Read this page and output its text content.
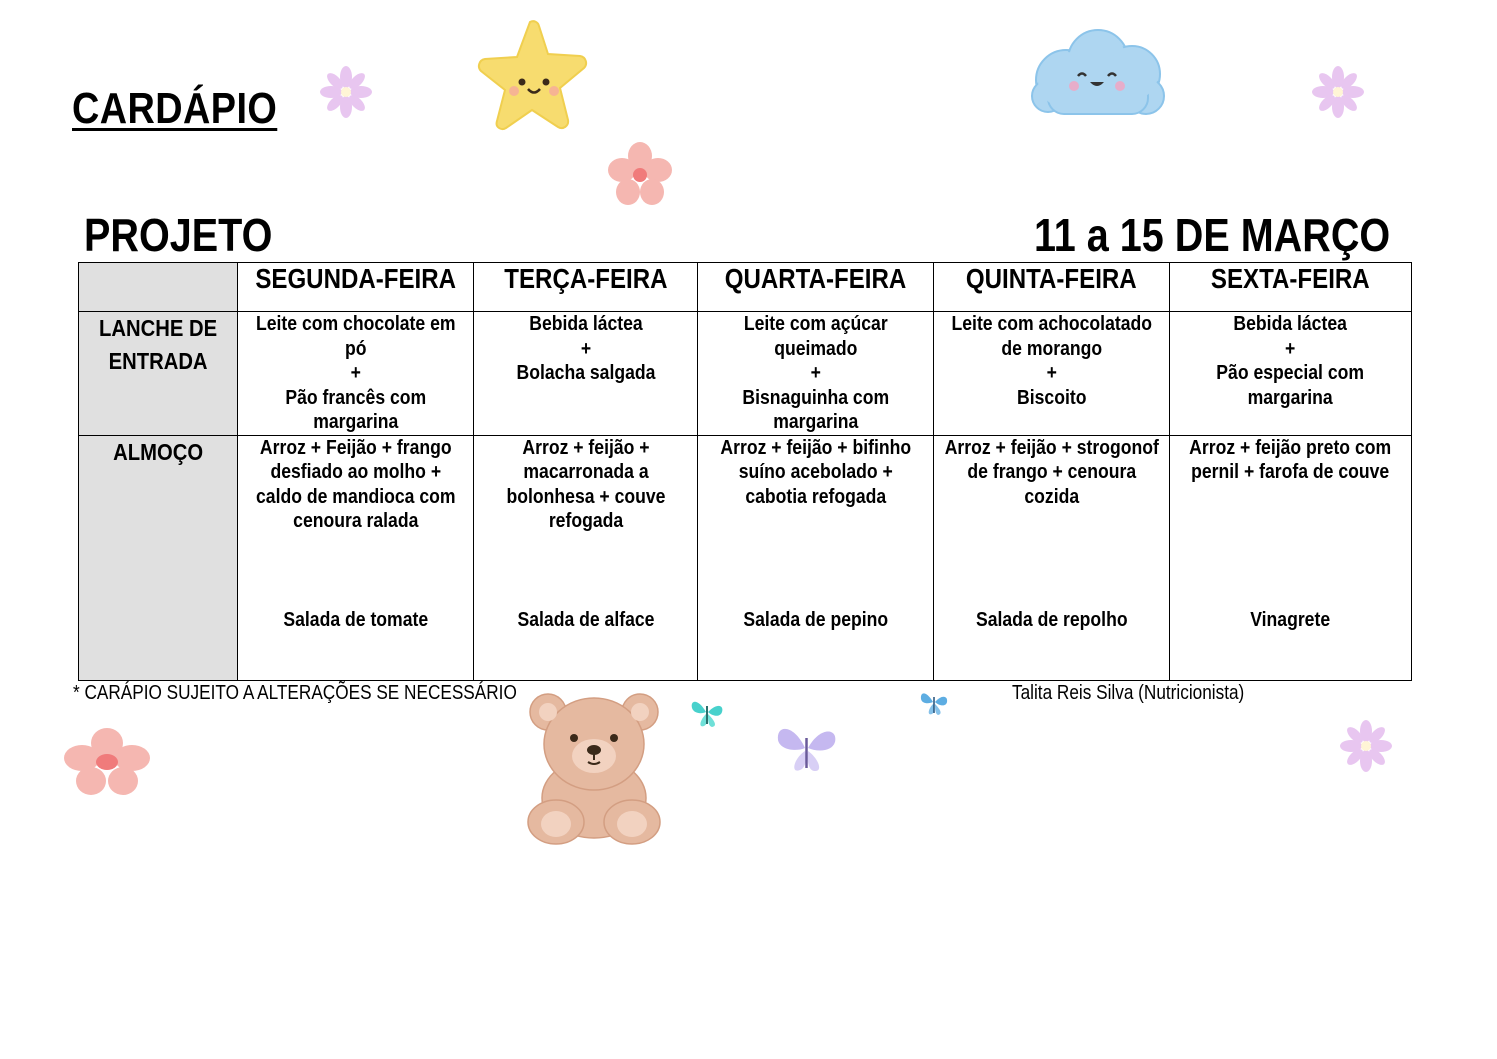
CARDÁPIO
PROJETO	11 a 15 DE MARÇO
	SEGUNDA-FEIRA	TERÇA-FEIRA	QUARTA-FEIRA	QUINTA-FEIRA	SEXTA-FEIRA

LANCHE DE
ENTRADA	Leite com chocolate em
pó
+
Pão francês com
margarina	Bebida láctea
+
Bolacha salgada	Leite com açúcar
queimado
+
Bisnaguinha com
margarina	Leite com achocolatado
de morango
+
Biscoito	Bebida láctea
+
Pão especial com
margarina

ALMOÇO	Arroz + Feijão + frango
desfiado ao molho +
caldo de mandioca com
cenoura ralada
Salada de tomate	Arroz + feijão +
macarronada a
bolonhesa + couve
refogada
Salada de alface	Arroz + feijão + bifinho
suíno acebolado +
cabotia refogada
Salada de pepino	Arroz + feijão + strogonof
de frango + cenoura
cozida
Salada de repolho	Arroz + feijão preto com
pernil + farofa de couve
Vinagrete
* CARÁPIO SUJEITO A ALTERAÇÕES SE NECESSÁRIO	Talita Reis Silva (Nutricionista)
